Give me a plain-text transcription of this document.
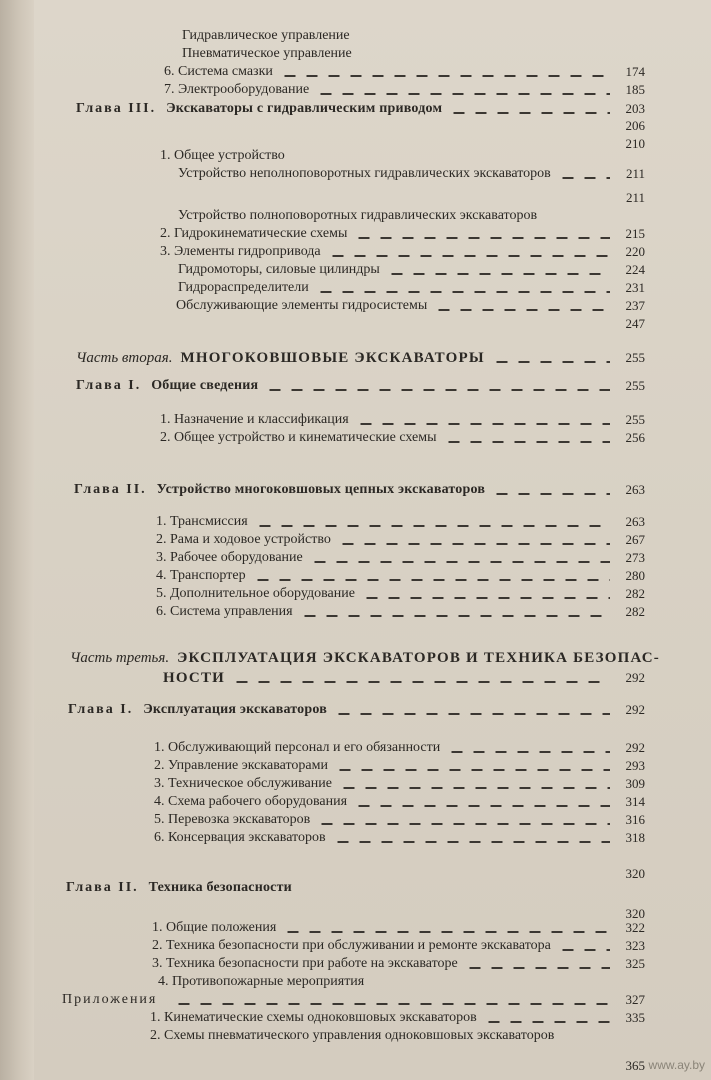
Гидравлическое управление
Пневматическое управление
6. Система смазки	174
7. Электрооборудование	185
Глава III. Экскаваторы с гидравлическим приводом	203
206
210
1. Общее устройство
Устройство неполноповоротных гидравлических экскаваторов	211
211
Устройство полноповоротных гидравлических экскаваторов
2. Гидрокинематические схемы	215
3. Элементы гидропривода	220
Гидромоторы, силовые цилиндры	224
Гидрораспределители	231
Обслуживающие элементы гидросистемы	237
247
Часть вторая. МНОГОКОВШОВЫЕ ЭКСКАВАТОРЫ	255
Глава I. Общие сведения	255
1. Назначение и классификация	255
2. Общее устройство и кинематические схемы	256
Глава II. Устройство многоковшовых цепных экскаваторов	263
1. Трансмиссия	263
2. Рама и ходовое устройство	267
3. Рабочее оборудование	273
4. Транспортер	280
5. Дополнительное оборудование	282
6. Система управления	282
Часть третья. ЭКСПЛУАТАЦИЯ ЭКСКАВАТОРОВ И ТЕХНИКА БЕЗОПАС-
НОСТИ	292
Глава I. Эксплуатация экскаваторов	292
1. Обслуживающий персонал и его обязанности	292
2. Управление экскаваторами	293
3. Техническое обслуживание	309
4. Схема рабочего оборудования	314
5. Перевозка экскаваторов	316
6. Консервация экскаваторов	318
320
Глава II. Техника безопасности
320
1. Общие положения	322
2. Техника безопасности при обслуживании и ремонте экскаватора	323
3. Техника безопасности при работе на экскаваторе	325
4. Противопожарные мероприятия
Приложения	327
1. Кинематические схемы одноковшовых экскаваторов	335
2. Схемы пневматического управления одноковшовых экскаваторов
365 www.ay.by
